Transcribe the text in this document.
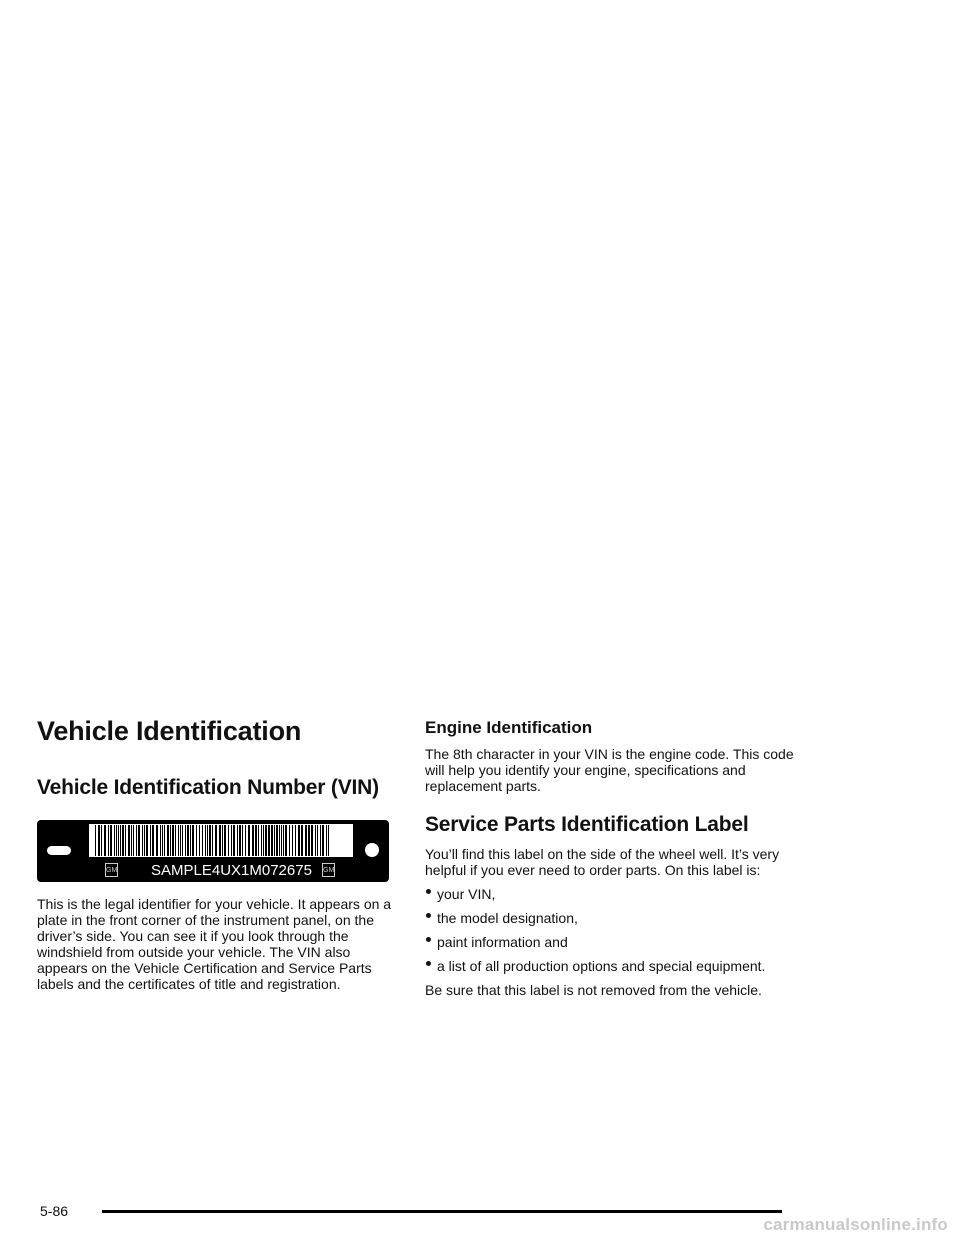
Vehicle Identification
Vehicle Identification Number (VIN)
GM SAMPLE4UX1M072675 GM

This is the legal identifier for your vehicle. It appears on a plate in the front corner of the instrument panel, on the driver’s side. You can see it if you look through the windshield from outside your vehicle. The VIN also appears on the Vehicle Certification and Service Parts labels and the certificates of title and registration.

Engine Identification

The 8th character in your VIN is the engine code. This code will help you identify your engine, specifications and replacement parts.

Service Parts Identification Label

You’ll find this label on the side of the wheel well. It’s very helpful if you ever need to order parts. On this label is:

your VIN,
the model designation,
paint information and
a list of all production options and special equipment.

Be sure that this label is not removed from the vehicle.

5-86
carmanualsonline.info
